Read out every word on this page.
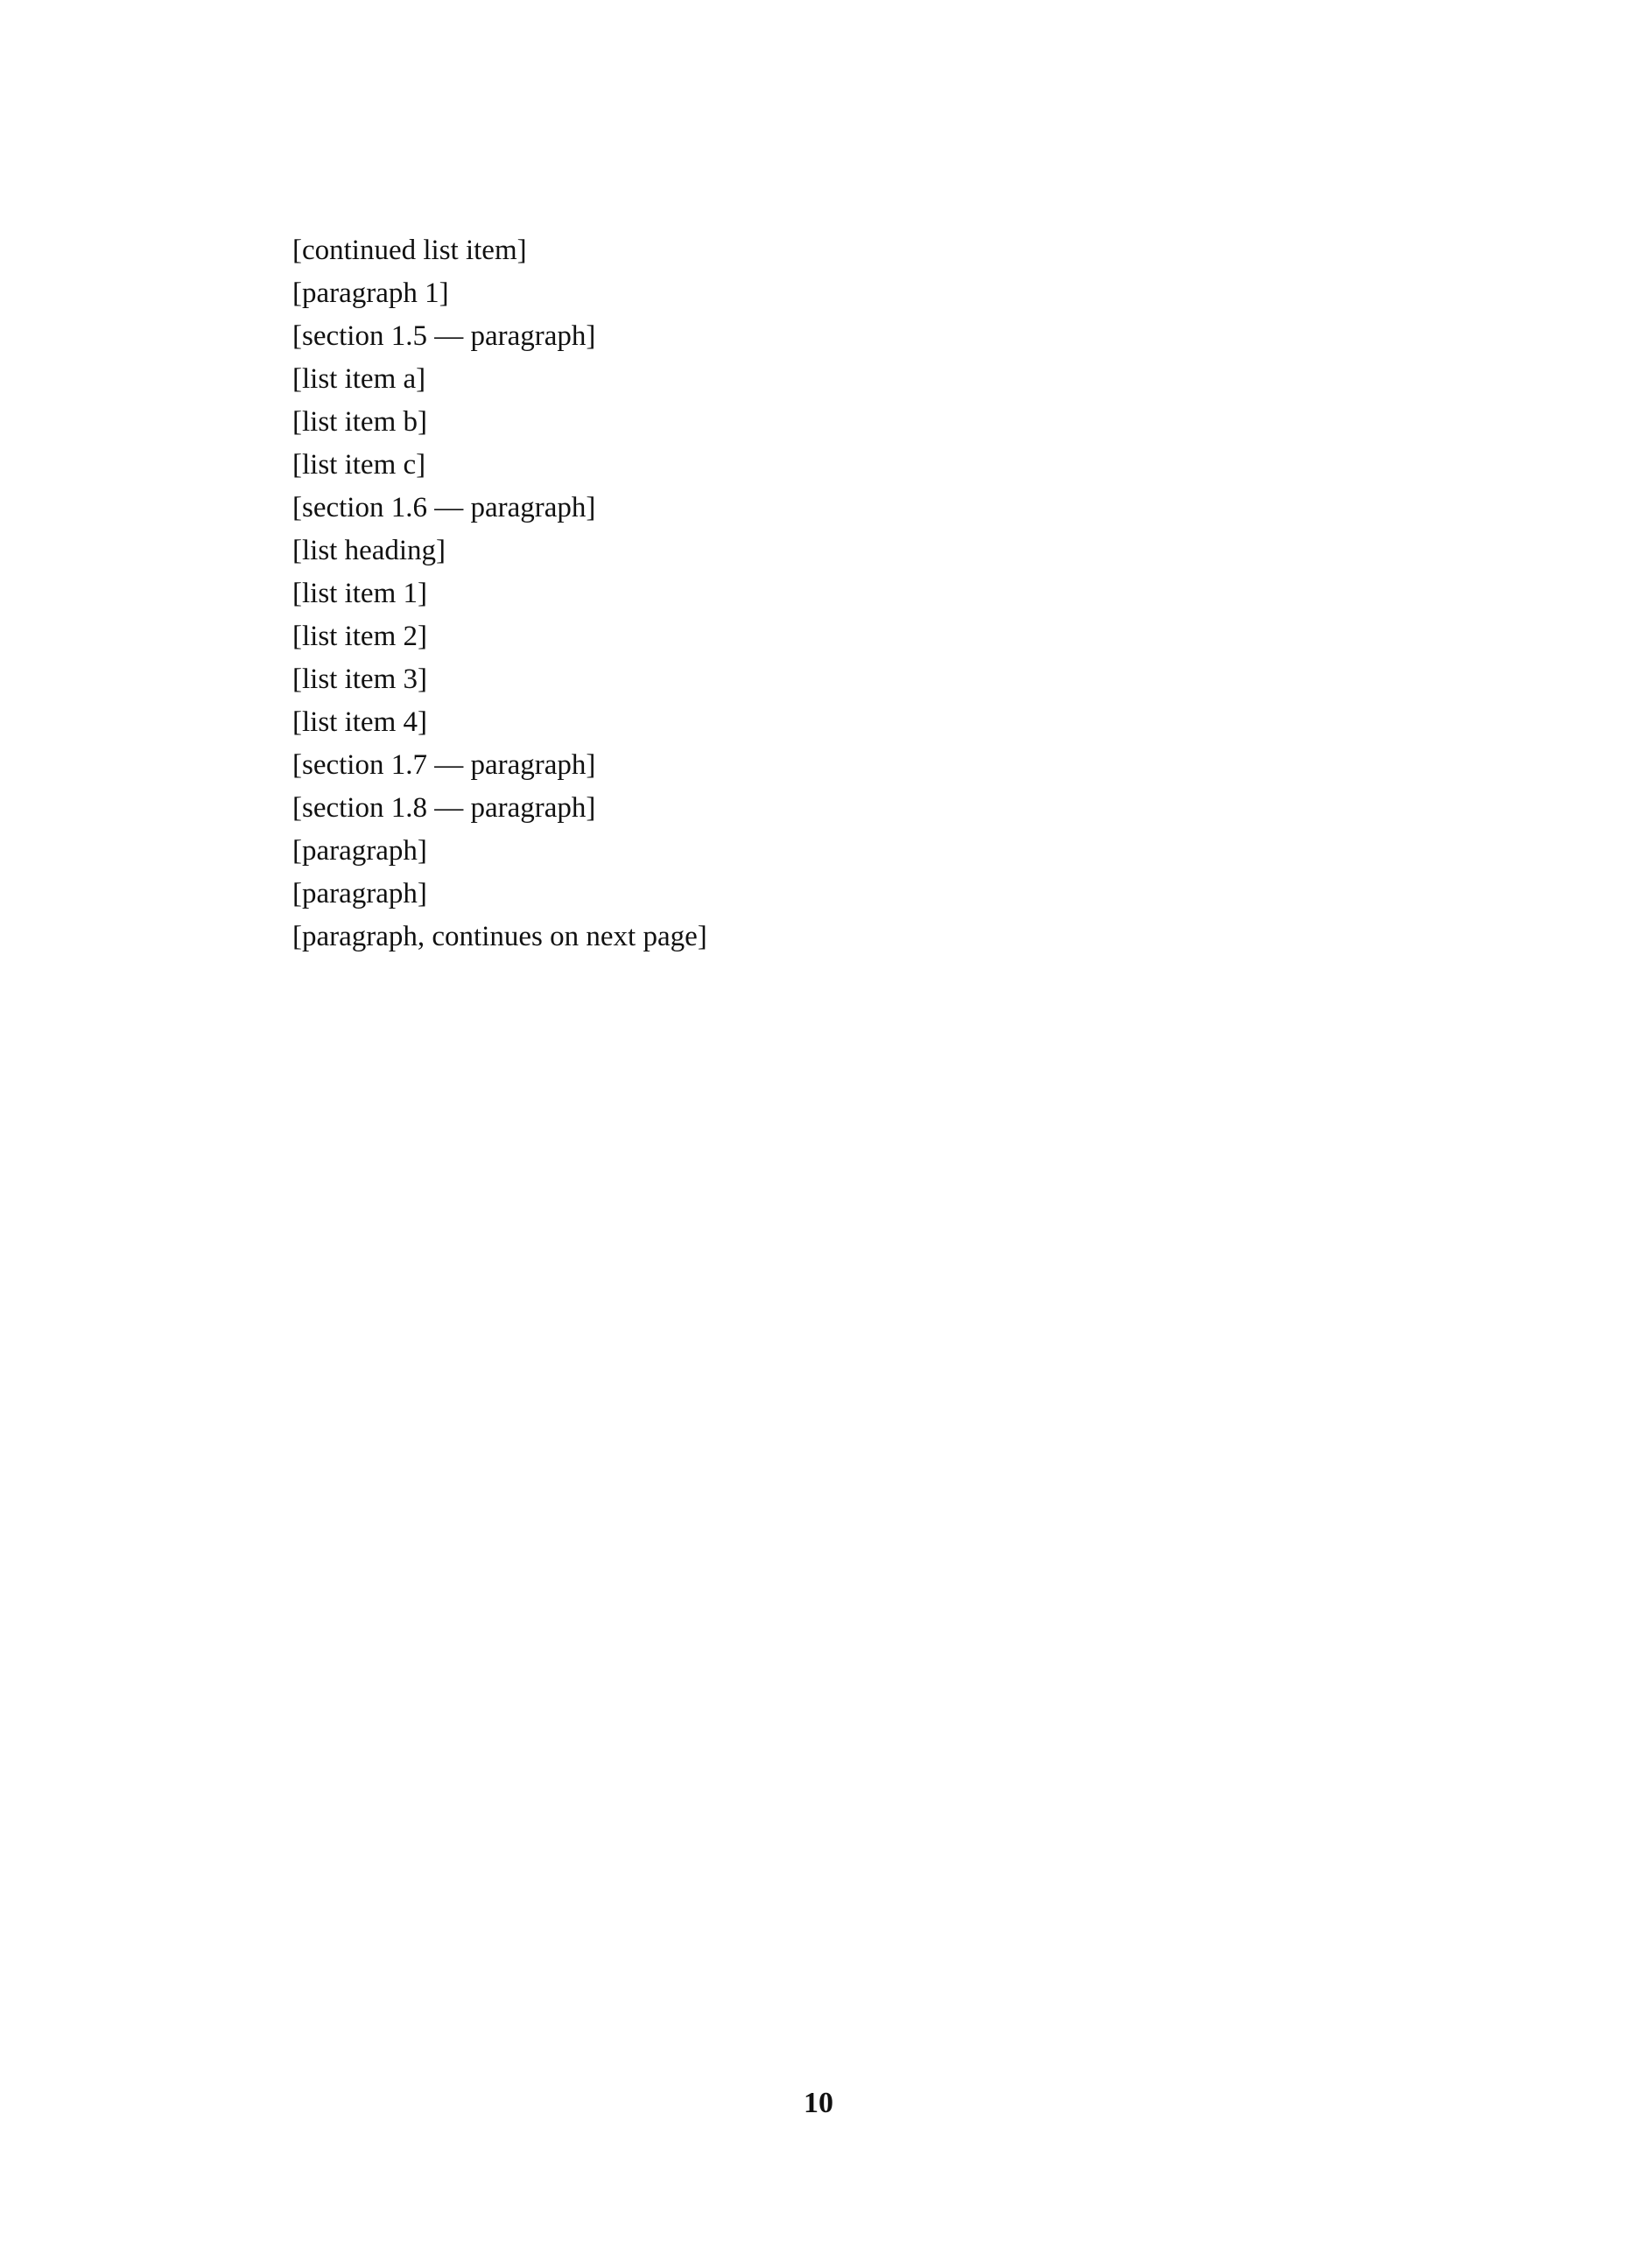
[continued list item]

[paragraph 1]

[section 1.5 — paragraph]

[list item a]

[list item b]

[list item c]

[section 1.6 — paragraph]

[list heading]

[list item 1]

[list item 2]

[list item 3]

[list item 4]

[section 1.7 — paragraph]

[section 1.8 — paragraph]

[paragraph]

[paragraph]

[paragraph, continues on next page]

10
